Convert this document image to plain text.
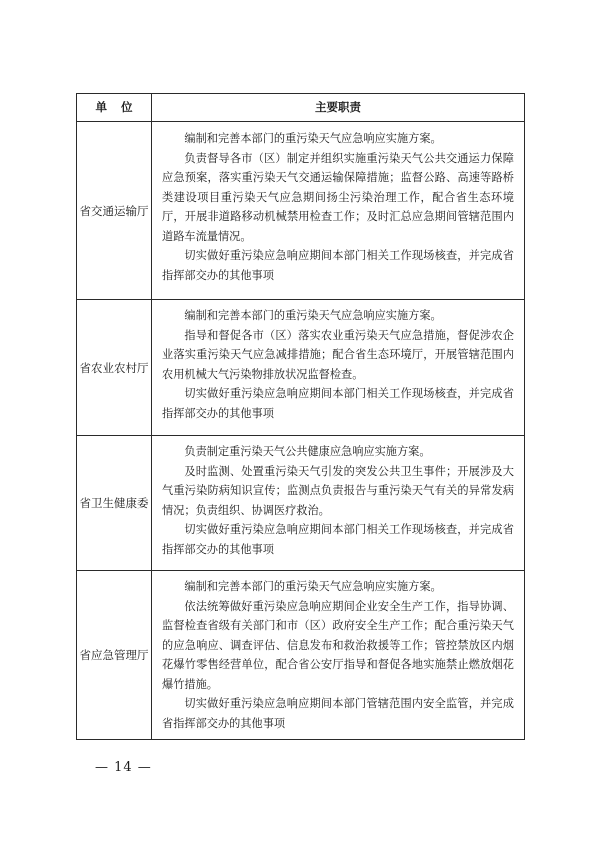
单位	主要职责
省交通运输厅

编制和完善本部门的重污染天气应急响应实施方案。

负责督导各市（区）制定并组织实施重污染天气公共交通运力保障应急预案，落实重污染天气交通运输保障措施；监督公路、高速等路桥类建设项目重污染天气应急期间扬尘污染治理工作，配合省生态环境厅，开展非道路移动机械禁用检查工作；及时汇总应急期间管辖范围内道路车流量情况。

切实做好重污染应急响应期间本部门相关工作现场核查，并完成省指挥部交办的其他事项

省农业农村厅

编制和完善本部门的重污染天气应急响应实施方案。

指导和督促各市（区）落实农业重污染天气应急措施，督促涉农企业落实重污染天气应急减排措施；配合省生态环境厅，开展管辖范围内农用机械大气污染物排放状况监督检查。

切实做好重污染应急响应期间本部门相关工作现场核查，并完成省指挥部交办的其他事项

省卫生健康委

负责制定重污染天气公共健康应急响应实施方案。

及时监测、处置重污染天气引发的突发公共卫生事件；开展涉及大气重污染防病知识宣传；监测点负责报告与重污染天气有关的异常发病情况；负责组织、协调医疗救治。

切实做好重污染应急响应期间本部门相关工作现场核查，并完成省指挥部交办的其他事项

省应急管理厅

编制和完善本部门的重污染天气应急响应实施方案。

依法统筹做好重污染应急响应期间企业安全生产工作，指导协调、监督检查省级有关部门和市（区）政府安全生产工作；配合重污染天气的应急响应、调查评估、信息发布和救治救援等工作；管控禁放区内烟花爆竹零售经营单位，配合省公安厅指导和督促各地实施禁止燃放烟花爆竹措施。

切实做好重污染应急响应期间本部门管辖范围内安全监管，并完成省指挥部交办的其他事项

— 14 —
